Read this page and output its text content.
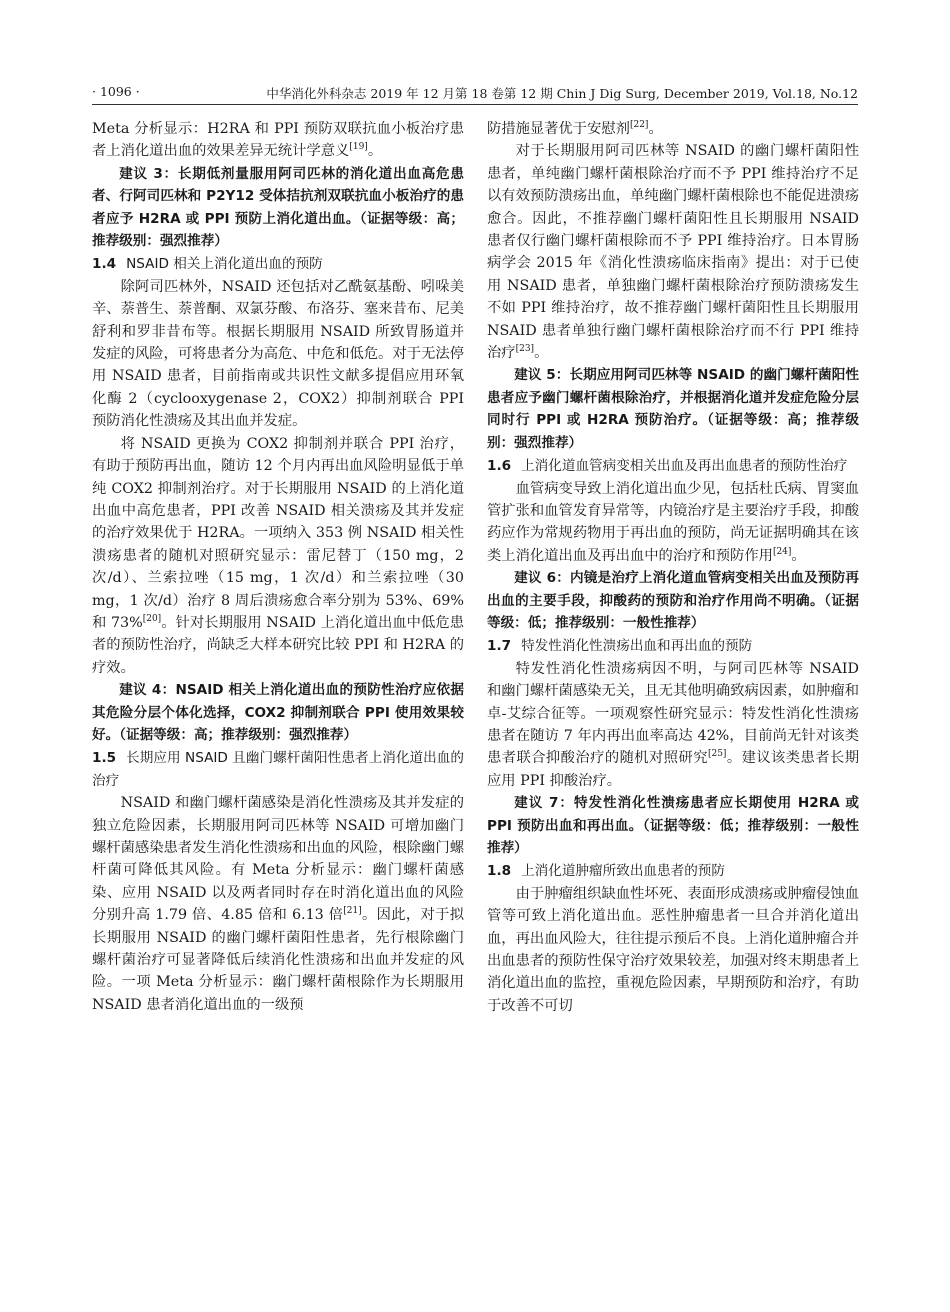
· 1096 ·	中华消化外科杂志 2019 年 12 月第 18 卷第 12 期 Chin J Dig Surg, December 2019, Vol.18, No.12

Meta 分析显示：H2RA 和 PPI 预防双联抗血小板治疗患者上消化道出血的效果差异无统计学意义[19]。

建议 3：长期低剂量服用阿司匹林的消化道出血高危患者、行阿司匹林和 P2Y12 受体拮抗剂双联抗血小板治疗的患者应予 H2RA 或 PPI 预防上消化道出血。（证据等级：高；推荐级别：强烈推荐）

1.4 NSAID 相关上消化道出血的预防

除阿司匹林外，NSAID 还包括对乙酰氨基酚、吲哚美辛、萘普生、萘普酮、双氯芬酸、布洛芬、塞来昔布、尼美舒利和罗非昔布等。根据长期服用 NSAID 所致胃肠道并发症的风险，可将患者分为高危、中危和低危。对于无法停用 NSAID 患者，目前指南或共识性文献多提倡应用环氧化酶 2（cyclooxygenase 2，COX2）抑制剂联合 PPI 预防消化性溃疡及其出血并发症。

将 NSAID 更换为 COX2 抑制剂并联合 PPI 治疗，有助于预防再出血，随访 12 个月内再出血风险明显低于单纯 COX2 抑制剂治疗。对于长期服用 NSAID 的上消化道出血中高危患者，PPI 改善 NSAID 相关溃疡及其并发症的治疗效果优于 H2RA。一项纳入 353 例 NSAID 相关性溃疡患者的随机对照研究显示：雷尼替丁（150 mg，2 次/d）、兰索拉唑（15 mg，1 次/d）和兰索拉唑（30 mg，1 次/d）治疗 8 周后溃疡愈合率分别为 53%、69%和 73%[20]。针对长期服用 NSAID 上消化道出血中低危患者的预防性治疗，尚缺乏大样本研究比较 PPI 和 H2RA 的疗效。

建议 4：NSAID 相关上消化道出血的预防性治疗应依据其危险分层个体化选择，COX2 抑制剂联合 PPI 使用效果较好。（证据等级：高；推荐级别：强烈推荐）

1.5 长期应用 NSAID 且幽门螺杆菌阳性患者上消化道出血的治疗

NSAID 和幽门螺杆菌感染是消化性溃疡及其并发症的独立危险因素，长期服用阿司匹林等 NSAID 可增加幽门螺杆菌感染患者发生消化性溃疡和出血的风险，根除幽门螺杆菌可降低其风险。有 Meta 分析显示：幽门螺杆菌感染、应用 NSAID 以及两者同时存在时消化道出血的风险分别升高 1.79 倍、4.85 倍和 6.13 倍[21]。因此，对于拟长期服用 NSAID 的幽门螺杆菌阳性患者，先行根除幽门螺杆菌治疗可显著降低后续消化性溃疡和出血并发症的风险。一项 Meta 分析显示：幽门螺杆菌根除作为长期服用 NSAID 患者消化道出血的一级预

防措施显著优于安慰剂[22]。

对于长期服用阿司匹林等 NSAID 的幽门螺杆菌阳性患者，单纯幽门螺杆菌根除治疗而不予 PPI 维持治疗不足以有效预防溃疡出血，单纯幽门螺杆菌根除也不能促进溃疡愈合。因此，不推荐幽门螺杆菌阳性且长期服用 NSAID 患者仅行幽门螺杆菌根除而不予 PPI 维持治疗。日本胃肠病学会 2015 年《消化性溃疡临床指南》提出：对于已使用 NSAID 患者，单独幽门螺杆菌根除治疗预防溃疡发生不如 PPI 维持治疗，故不推荐幽门螺杆菌阳性且长期服用 NSAID 患者单独行幽门螺杆菌根除治疗而不行 PPI 维持治疗[23]。

建议 5：长期应用阿司匹林等 NSAID 的幽门螺杆菌阳性患者应予幽门螺杆菌根除治疗，并根据消化道并发症危险分层同时行 PPI 或 H2RA 预防治疗。（证据等级：高；推荐级别：强烈推荐）

1.6 上消化道血管病变相关出血及再出血患者的预防性治疗

血管病变导致上消化道出血少见，包括杜氏病、胃窦血管扩张和血管发育异常等，内镜治疗是主要治疗手段，抑酸药应作为常规药物用于再出血的预防，尚无证据明确其在该类上消化道出血及再出血中的治疗和预防作用[24]。

建议 6：内镜是治疗上消化道血管病变相关出血及预防再出血的主要手段，抑酸药的预防和治疗作用尚不明确。（证据等级：低；推荐级别：一般性推荐）

1.7 特发性消化性溃疡出血和再出血的预防

特发性消化性溃疡病因不明，与阿司匹林等 NSAID 和幽门螺杆菌感染无关，且无其他明确致病因素，如肿瘤和卓-艾综合征等。一项观察性研究显示：特发性消化性溃疡患者在随访 7 年内再出血率高达 42%，目前尚无针对该类患者联合抑酸治疗的随机对照研究[25]。建议该类患者长期应用 PPI 抑酸治疗。

建议 7：特发性消化性溃疡患者应长期使用 H2RA 或 PPI 预防出血和再出血。（证据等级：低；推荐级别：一般性推荐）

1.8 上消化道肿瘤所致出血患者的预防

由于肿瘤组织缺血性坏死、表面形成溃疡或肿瘤侵蚀血管等可致上消化道出血。恶性肿瘤患者一旦合并消化道出血，再出血风险大，往往提示预后不良。上消化道肿瘤合并出血患者的预防性保守治疗效果较差，加强对终末期患者上消化道出血的监控，重视危险因素，早期预防和治疗，有助于改善不可切
